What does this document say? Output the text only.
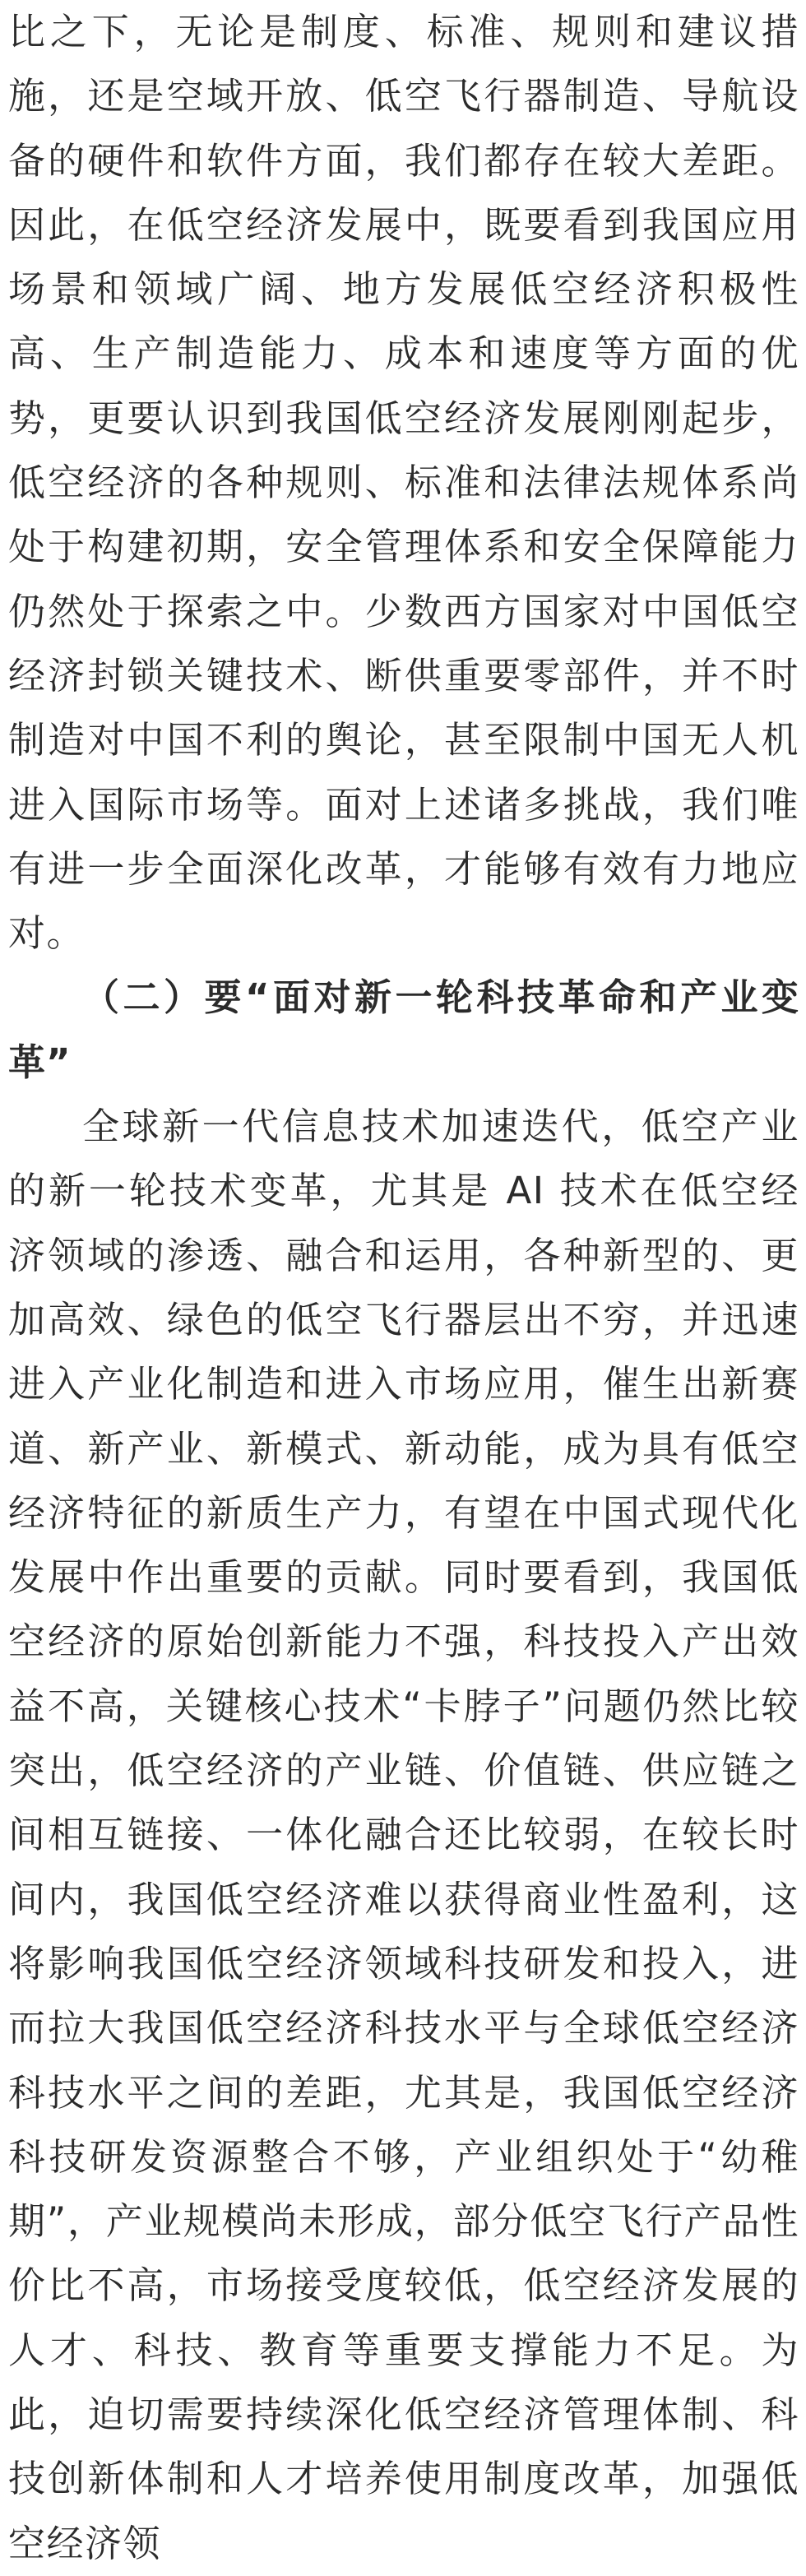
比之下，无论是制度、标准、规则和建议措施，还是空域开放、低空飞行器制造、导航设备的硬件和软件方面，我们都存在较大差距。因此，在低空经济发展中，既要看到我国应用场景和领域广阔、地方发展低空经济积极性高、生产制造能力、成本和速度等方面的优势，更要认识到我国低空经济发展刚刚起步，低空经济的各种规则、标准和法律法规体系尚处于构建初期，安全管理体系和安全保障能力仍然处于探索之中。少数西方国家对中国低空经济封锁关键技术、断供重要零部件，并不时制造对中国不利的舆论，甚至限制中国无人机进入国际市场等。面对上述诸多挑战，我们唯有进一步全面深化改革，才能够有效有力地应对。

（二）要“面对新一轮科技革命和产业变革”

全球新一代信息技术加速迭代，低空产业的新一轮技术变革，尤其是 AI 技术在低空经济领域的渗透、融合和运用，各种新型的、更加高效、绿色的低空飞行器层出不穷，并迅速进入产业化制造和进入市场应用，催生出新赛道、新产业、新模式、新动能，成为具有低空经济特征的新质生产力，有望在中国式现代化发展中作出重要的贡献。同时要看到，我国低空经济的原始创新能力不强，科技投入产出效益不高，关键核心技术“卡脖子”问题仍然比较突出，低空经济的产业链、价值链、供应链之间相互链接、一体化融合还比较弱，在较长时间内，我国低空经济难以获得商业性盈利，这将影响我国低空经济领域科技研发和投入，进而拉大我国低空经济科技水平与全球低空经济科技水平之间的差距，尤其是，我国低空经济科技研发资源整合不够，产业组织处于“幼稚期”，产业规模尚未形成，部分低空飞行产品性价比不高，市场接受度较低，低空经济发展的人才、科技、教育等重要支撑能力不足。为此，迫切需要持续深化低空经济管理体制、科技创新体制和人才培养使用制度改革，加强低空经济领
